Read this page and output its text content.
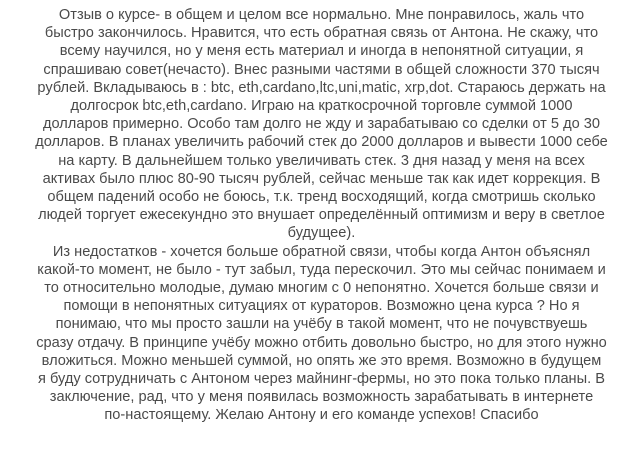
Отзыв о курсе- в общем и целом все нормально. Мне понравилось, жаль что
быстро закончилось. Нравится, что есть обратная связь от Антона. Не скажу, что
всему научился, но у меня есть материал и иногда в непонятной ситуации, я
спрашиваю совет(нечасто). Внес разными частями в общей сложности 370 тысяч
рублей. Вкладываюсь в : btc, eth,cardano,ltc,uni,matic, xrp,dot. Стараюсь держать на
долгосрок btc,eth,cardano. Играю на краткосрочной торговле суммой 1000
долларов примерно. Особо там долго не жду и зарабатываю со сделки от 5 до 30
долларов. В планах увеличить рабочий стек до 2000 долларов и вывести 1000 себе
на карту. В дальнейшем только увеличивать стек. 3 дня назад у меня на всех
активах было плюс 80-90 тысяч рублей, сейчас меньше так как идет коррекция. В
общем падений особо не боюсь, т.к. тренд восходящий, когда смотришь сколько
людей торгует ежесекундно это внушает определённый оптимизм и веру в светлое
будущее).
Из недостатков - хочется больше обратной связи, чтобы когда Антон объяснял
какой-то момент, не было - тут забыл, туда перескочил. Это мы сейчас понимаем и
то относительно молодые, думаю многим с 0 непонятно. Хочется больше связи и
помощи в непонятных ситуациях от кураторов. Возможно цена курса ? Но я
понимаю, что мы просто зашли на учёбу в такой момент, что не почувствуешь
сразу отдачу. В принципе учёбу можно отбить довольно быстро, но для этого нужно
вложиться. Можно меньшей суммой, но опять же это время. Возможно в будущем
я буду сотрудничать с Антоном через майнинг-фермы, но это пока только планы. В
заключение, рад, что у меня появилась возможность зарабатывать в интернете
по-настоящему. Желаю Антону и его команде успехов! Спасибо
